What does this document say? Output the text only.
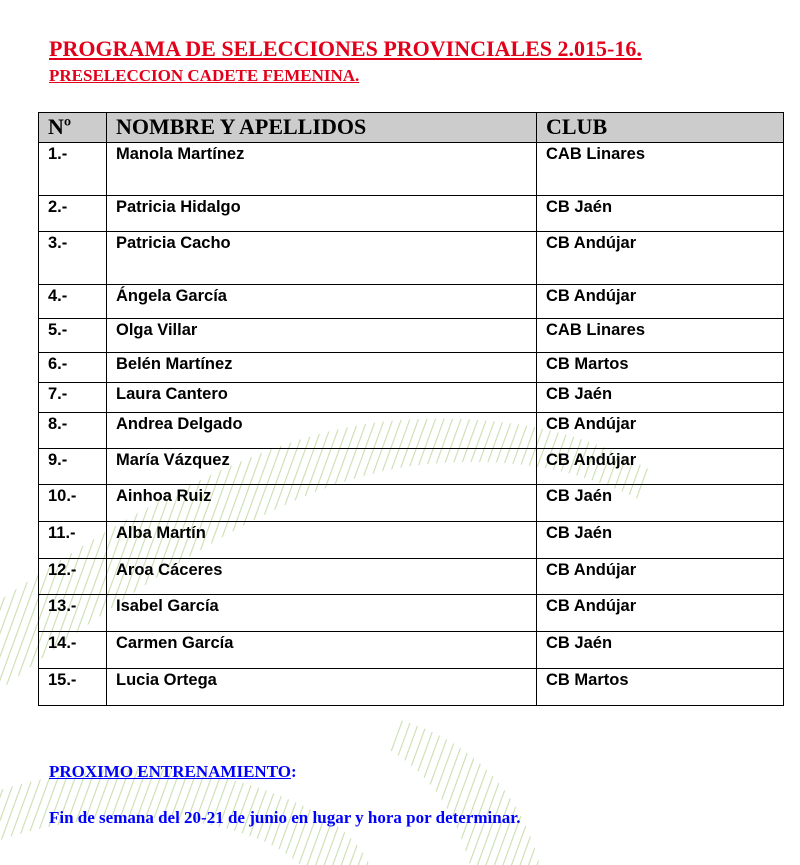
PROGRAMA DE SELECCIONES PROVINCIALES 2.015-16.
PRESELECCION CADETE FEMENINA.
Nº	NOMBRE Y APELLIDOS	CLUB
1.-	Manola Martínez	CAB Linares
2.-	Patricia Hidalgo	CB Jaén
3.-	Patricia Cacho	CB Andújar
4.-	Ángela García	CB Andújar
5.-	Olga Villar	CAB Linares
6.-	Belén Martínez	CB Martos
7.-	Laura Cantero	CB Jaén
8.-	Andrea Delgado	CB Andújar
9.-	María Vázquez	CB Andújar
10.-	Ainhoa Ruiz	CB Jaén
11.-	Alba Martín	CB Jaén
12.-	Aroa Cáceres	CB Andújar
13.-	Isabel García	CB Andújar
14.-	Carmen García	CB Jaén
15.-	Lucia Ortega	CB Martos

PROXIMO ENTRENAMIENTO:

Fin de semana del 20-21 de junio en lugar y hora por determinar.
